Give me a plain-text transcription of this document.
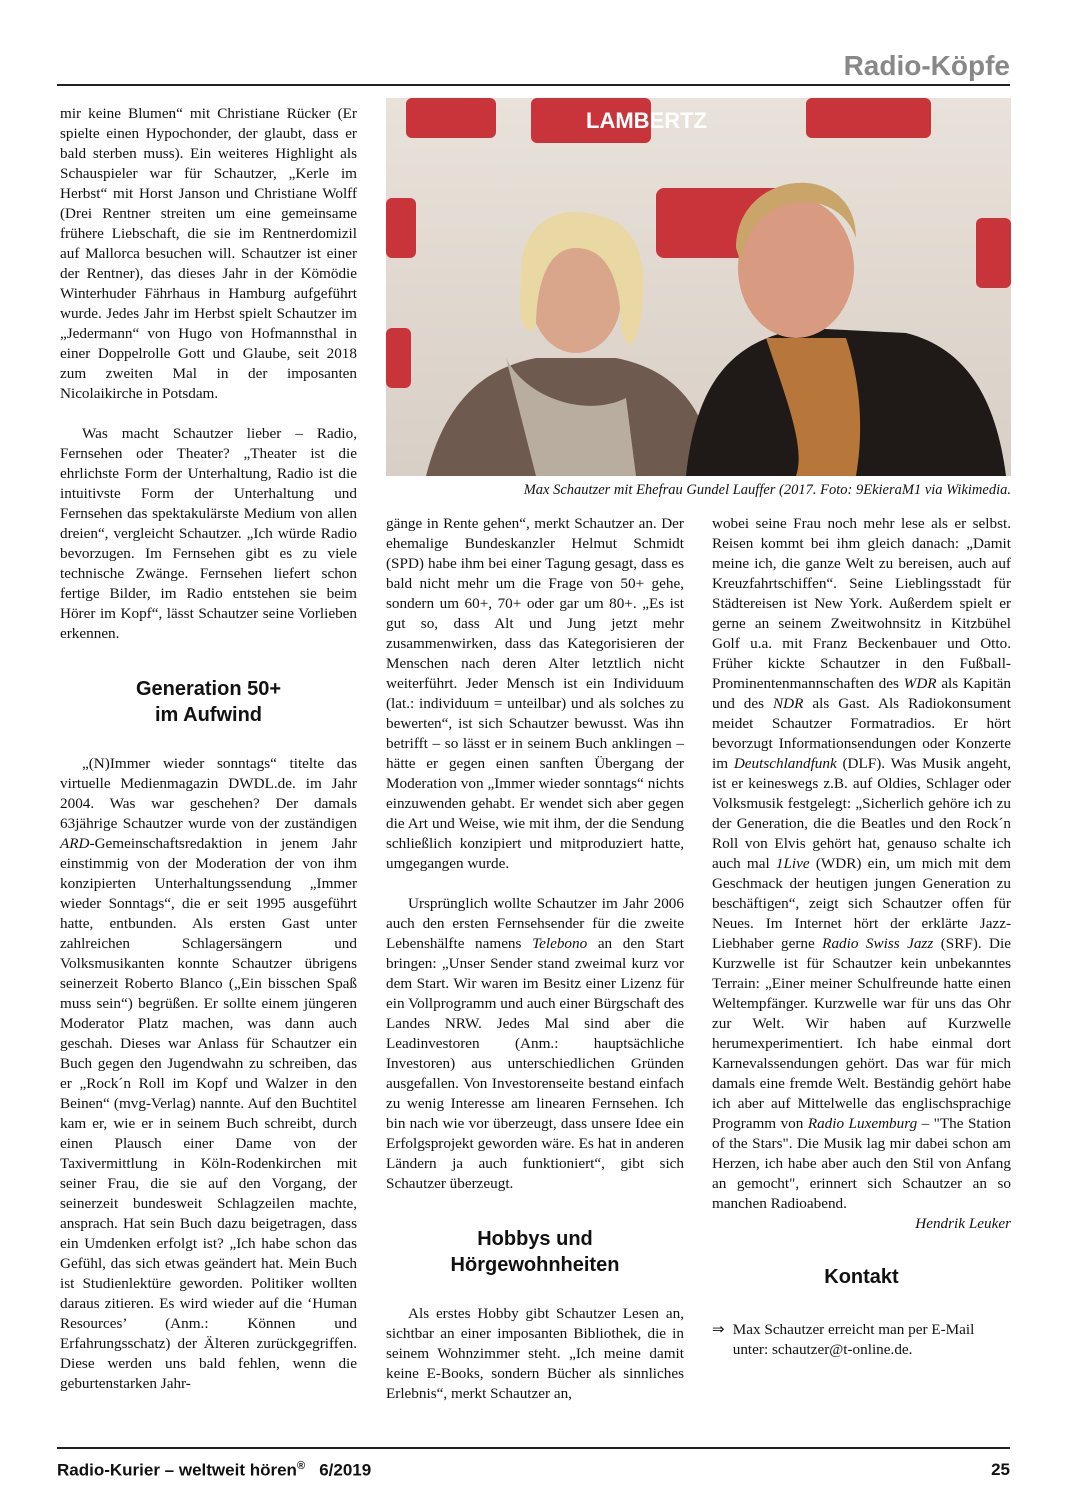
Radio-Köpfe

mir keine Blumen“ mit Christiane Rücker (Er spielte einen Hypochonder, der glaubt, dass er bald sterben muss). Ein weiteres Highlight als Schauspieler war für Schautzer, „Kerle im Herbst“ mit Horst Janson und Christiane Wolff (Drei Rentner streiten um eine gemeinsame frühere Liebschaft, die sie im Rentnerdomizil auf Mallorca besuchen will. Schautzer ist einer der Rentner), das dieses Jahr in der Kömödie Winterhuder Fährhaus in Hamburg aufgeführt wurde. Jedes Jahr im Herbst spielt Schautzer im „Jedermann“ von Hugo von Hofmannsthal in einer Doppelrolle Gott und Glaube, seit 2018 zum zweiten Mal in der imposanten Nicolaikirche in Potsdam.

Was macht Schautzer lieber – Radio, Fernsehen oder Theater? „Theater ist die ehrlichste Form der Unterhaltung, Radio ist die intuitivste Form der Unterhaltung und Fernsehen das spektakulärste Medium von allen dreien“, vergleicht Schautzer. „Ich würde Radio bevorzugen. Im Fernsehen gibt es zu viele technische Zwänge. Fernsehen liefert schon fertige Bilder, im Radio entstehen sie beim Hörer im Kopf“, lässt Schautzer seine Vorlieben erkennen.

Generation 50+
im Aufwind

„(N)Immer wieder sonntags“ titelte das virtuelle Medienmagazin DWDL.de. im Jahr 2004. Was war geschehen? Der damals 63jährige Schautzer wurde von der zuständigen ARD-Gemeinschaftsredaktion in jenem Jahr einstimmig von der Moderation der von ihm konzipierten Unterhaltungssendung „Immer wieder Sonntags“, die er seit 1995 ausgeführt hatte, entbunden. Als ersten Gast unter zahlreichen Schlagersängern und Volksmusikanten konnte Schautzer übrigens seinerzeit Roberto Blanco („Ein bisschen Spaß muss sein“) begrüßen. Er sollte einem jüngeren Moderator Platz machen, was dann auch geschah. Dieses war Anlass für Schautzer ein Buch gegen den Jugendwahn zu schreiben, das er „Rock´n Roll im Kopf und Walzer in den Beinen“ (mvg-Verlag) nannte. Auf den Buchtitel kam er, wie er in seinem Buch schreibt, durch einen Plausch einer Dame von der Taxivermittlung in Köln-Rodenkirchen mit seiner Frau, die sie auf den Vorgang, der seinerzeit bundesweit Schlagzeilen machte, ansprach. Hat sein Buch dazu beigetragen, dass ein Umdenken erfolgt ist? „Ich habe schon das Gefühl, das sich etwas geändert hat. Mein Buch ist Studienlektüre geworden. Politiker wollten daraus zitieren. Es wird wieder auf die ‘Human Resources’ (Anm.: Können und Erfahrungsschatz) der Älteren zurückgegriffen. Diese werden uns bald fehlen, wenn die geburtenstarken Jahr-

LAMBERTZ
Max Schautzer mit Ehefrau Gundel Lauffer (2017. Foto: 9EkieraM1 via Wikimedia.

gänge in Rente gehen“, merkt Schautzer an. Der ehemalige Bundeskanzler Helmut Schmidt (SPD) habe ihm bei einer Tagung gesagt, dass es bald nicht mehr um die Frage von 50+ gehe, sondern um 60+, 70+ oder gar um 80+. „Es ist gut so, dass Alt und Jung jetzt mehr zusammenwirken, dass das Kategorisieren der Menschen nach deren Alter letztlich nicht weiterführt. Jeder Mensch ist ein Individuum (lat.: individuum = unteilbar) und als solches zu bewerten“, ist sich Schautzer bewusst. Was ihn betrifft – so lässt er in seinem Buch anklingen – hätte er gegen einen sanften Übergang der Moderation von „Immer wieder sonntags“ nichts einzuwenden gehabt. Er wendet sich aber gegen die Art und Weise, wie mit ihm, der die Sendung schließlich konzipiert und mitproduziert hatte, umgegangen wurde.

Ursprünglich wollte Schautzer im Jahr 2006 auch den ersten Fernsehsender für die zweite Lebenshälfte namens Telebono an den Start bringen: „Unser Sender stand zweimal kurz vor dem Start. Wir waren im Besitz einer Lizenz für ein Vollprogramm und auch einer Bürgschaft des Landes NRW. Jedes Mal sind aber die Leadinvestoren (Anm.: hauptsächliche Investoren) aus unterschiedlichen Gründen ausgefallen. Von Investorenseite bestand einfach zu wenig Interesse am linearen Fernsehen. Ich bin nach wie vor überzeugt, dass unsere Idee ein Erfolgsprojekt geworden wäre. Es hat in anderen Ländern ja auch funktioniert“, gibt sich Schautzer überzeugt.

Hobbys und
Hörgewohnheiten

Als erstes Hobby gibt Schautzer Lesen an, sichtbar an einer imposanten Bibliothek, die in seinem Wohnzimmer steht. „Ich meine damit keine E-Books, sondern Bücher als sinnliches Erlebnis“, merkt Schautzer an,

wobei seine Frau noch mehr lese als er selbst. Reisen kommt bei ihm gleich danach: „Damit meine ich, die ganze Welt zu bereisen, auch auf Kreuzfahrtschiffen“. Seine Lieblingsstadt für Städtereisen ist New York. Außerdem spielt er gerne an seinem Zweitwohnsitz in Kitzbühel Golf u.a. mit Franz Beckenbauer und Otto. Früher kickte Schautzer in den Fußball-Prominentenmannschaften des WDR als Kapitän und des NDR als Gast. Als Radiokonsument meidet Schautzer Formatradios. Er hört bevorzugt Informationsendungen oder Konzerte im Deutschlandfunk (DLF). Was Musik angeht, ist er keineswegs z.B. auf Oldies, Schlager oder Volksmusik festgelegt: „Sicherlich gehöre ich zu der Generation, die die Beatles und den Rock´n Roll von Elvis gehört hat, genauso schalte ich auch mal 1Live (WDR) ein, um mich mit dem Geschmack der heutigen jungen Generation zu beschäftigen“, zeigt sich Schautzer offen für Neues. Im Internet hört der erklärte Jazz-Liebhaber gerne Radio Swiss Jazz (SRF). Die Kurzwelle ist für Schautzer kein unbekanntes Terrain: „Einer meiner Schulfreunde hatte einen Weltempfänger. Kurzwelle war für uns das Ohr zur Welt. Wir haben auf Kurzwelle herumexperimentiert. Ich habe einmal dort Karnevalssendungen gehört. Das war für mich damals eine fremde Welt. Beständig gehört habe ich aber auf Mittelwelle das englischsprachige Programm von Radio Luxemburg – "The Station of the Stars". Die Musik lag mir dabei schon am Herzen, ich habe aber auch den Stil von Anfang an gemocht", erinnert sich Schautzer an so manchen Radioabend.

Hendrik Leuker

Kontakt
⇒ Max Schautzer erreicht man per E-Mail unter: schautzer@t-online.de.
Radio-Kurier – weltweit hören® 6/2019	25
